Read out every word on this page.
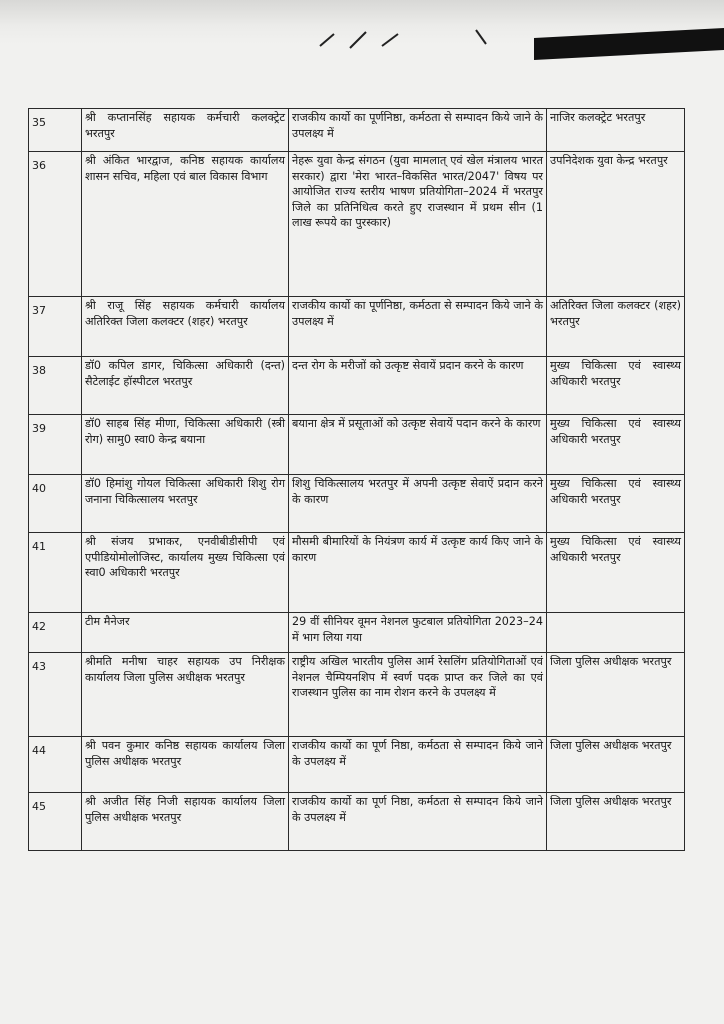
35	श्री कप्तानसिंह सहायक कर्मचारी कलक्ट्रेट भरतपुर	राजकीय कार्यो का पूर्णनिष्ठा, कर्मठता से सम्पादन किये जाने के उपलक्ष्य में	नाजिर कलक्ट्रेट भरतपुर
36	श्री अंकित भारद्वाज, कनिष्ठ सहायक कार्यालय शासन सचिव, महिला एवं बाल विकास विभाग	नेहरू युवा केन्द्र संगठन (युवा मामलात् एवं खेल मंत्रालय भारत सरकार) द्वारा 'मेरा भारत–विकसित भारत/2047' विषय पर आयोजित राज्य स्तरीय भाषण प्रतियोगिता–2024 में भरतपुर जिले का प्रतिनिधित्व करते हुए राजस्थान में प्रथम सीन (1 लाख रूपये का पुरस्कार)	उपनिदेशक युवा केन्द्र भरतपुर
37	श्री राजू सिंह सहायक कर्मचारी कार्यालय अतिरिक्त जिला कलक्टर (शहर) भरतपुर	राजकीय कार्यो का पूर्णनिष्ठा, कर्मठता से सम्पादन किये जाने के उपलक्ष्य में	अतिरिक्त जिला कलक्टर (शहर) भरतपुर
38	डॉ0 कपिल डागर, चिकित्सा अधिकारी (दन्त) सैटेलाईट हॉस्पीटल भरतपुर	दन्त रोग के मरीजों को उत्कृष्ट सेवायें प्रदान करने के कारण	मुख्य चिकित्सा एवं स्वास्थ्य अधिकारी भरतपुर
39	डॉ0 साहब सिंह मीणा, चिकित्सा अधिकारी (स्त्री रोग) सामु0 स्वा0 केन्द्र बयाना	बयाना क्षेत्र में प्रसूताओं को उत्कृष्ट सेवायें पदान करने के कारण	मुख्य चिकित्सा एवं स्वास्थ्य अधिकारी भरतपुर
40	डॉ0 हिमांशु गोयल चिकित्सा अधिकारी शिशु रोग जनाना चिकित्सालय भरतपुर	शिशु चिकित्सालय भरतपुर में अपनी उत्कृष्ट सेवाऐं प्रदान करने के कारण	मुख्य चिकित्सा एवं स्वास्थ्य अधिकारी भरतपुर
41	श्री संजय प्रभाकर, एनवीबीडीसीपी एवं एपीडियोमोलोजिस्ट, कार्यालय मुख्य चिकित्सा एवं स्वा0 अधिकारी भरतपुर	मौसमी बीमारियों के नियंत्रण कार्य में उत्कृष्ट कार्य किए जाने के कारण	मुख्य चिकित्सा एवं स्वास्थ्य अधिकारी भरतपुर
42	टीम मैनेजर	29 वीं सीनियर वूमन नेशनल फुटबाल प्रतियोगिता 2023–24 में भाग लिया गया	
43	श्रीमति मनीषा चाहर सहायक उप निरीक्षक कार्यालय जिला पुलिस अधीक्षक भरतपुर	राष्ट्रीय अखिल भारतीय पुलिस आर्म रेसलिंग प्रतियोगिताओं एवं नेशनल चैम्पियनशिप में स्वर्ण पदक प्राप्त कर जिले का एवं राजस्थान पुलिस का नाम रोशन करने के उपलक्ष्य में	जिला पुलिस अधीक्षक भरतपुर
44	श्री पवन कुमार कनिष्ठ सहायक कार्यालय जिला पुलिस अधीक्षक भरतपुर	राजकीय कार्यो का पूर्ण निष्ठा, कर्मठता से सम्पादन किये जाने के उपलक्ष्य में	जिला पुलिस अधीक्षक भरतपुर
45	श्री अजीत सिंह निजी सहायक कार्यालय जिला पुलिस अधीक्षक भरतपुर	राजकीय कार्यो का पूर्ण निष्ठा, कर्मठता से सम्पादन किये जाने के उपलक्ष्य में	जिला पुलिस अधीक्षक भरतपुर
